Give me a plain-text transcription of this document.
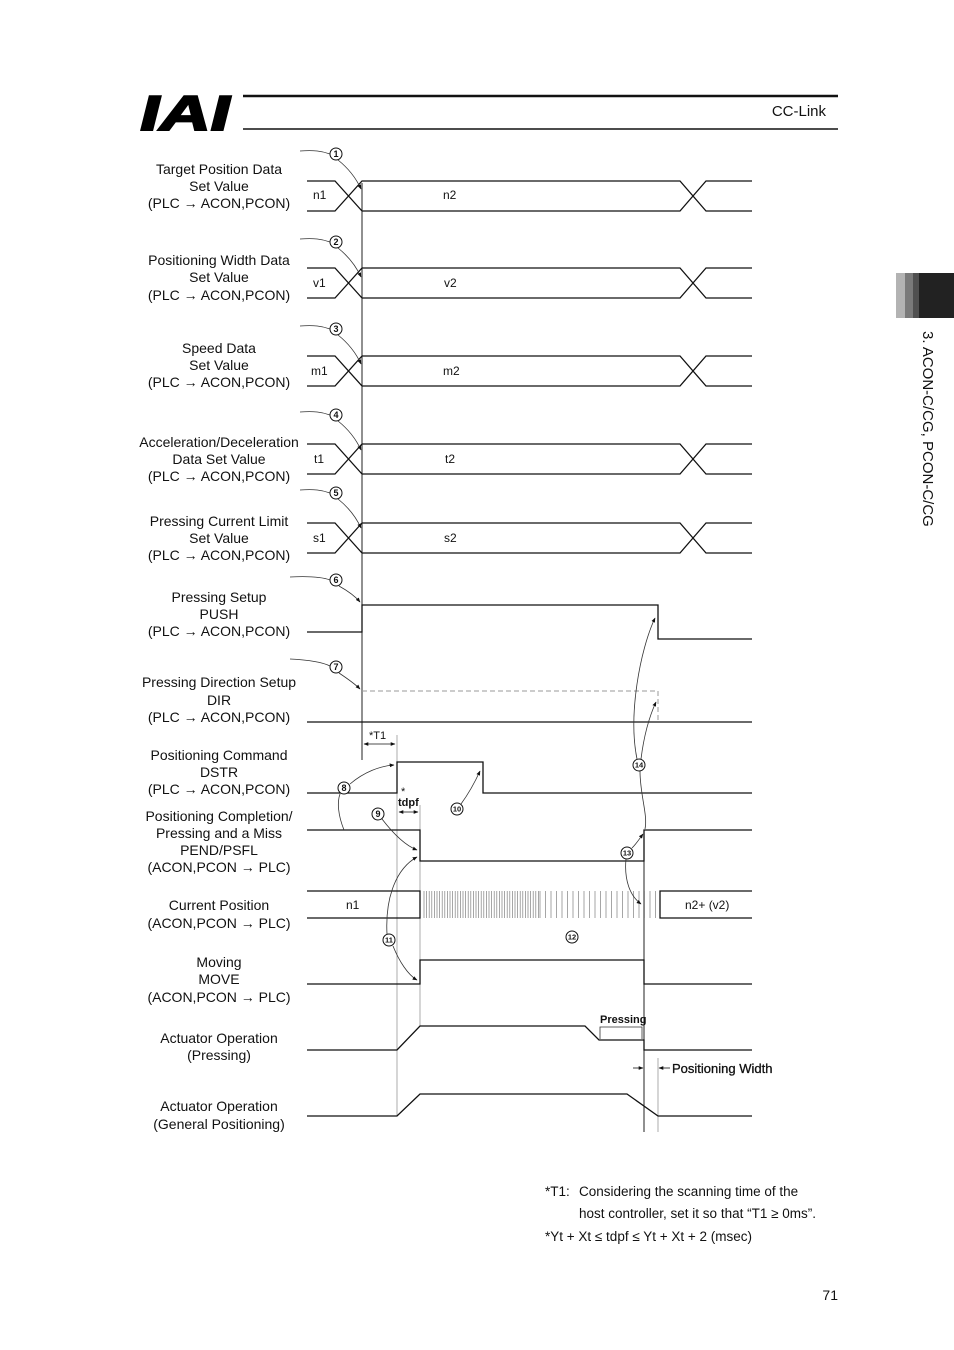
IAI	CC-Link
3. ACON-C/CG, PCON-C/CG
Target Position Data
Set Value
(PLC → ACON,PCON) n1	n2
Positioning Width Data
Set Value
(PLC → ACON,PCON)
v1	v2
Speed Data
Set Value
(PLC → ACON,PCON)
m1	m2
Acceleration/Deceleration
Data Set Value
(PLC → ACON,PCON)
t1	t2
Pressing Current Limit
Set Value
(PLC → ACON,PCON)
s1	s2
Pressing Setup
PUSH
(PLC → ACON,PCON)
Pressing Direction Setup
DIR
(PLC → ACON,PCON)
*T1
Positioning Command
DSTR
(PLC → ACON,PCON)	*
tdpf
Positioning Completion/
Pressing and a Miss
PEND/PSFL
(ACON,PCON → PLC)
Current Position
(ACON,PCON → PLC)
n1	n2+ (v2)
Moving
MOVE
(ACON,PCON → PLC)
Actuator Operation
(Pressing)
Pressing
Positioning Width
Actuator Operation
(General Positioning)
1
2
3
4
5
6
7
8
9	10
11	12
13
14
*T1: Considering the scanning time of the
host controller, set it so that “T1 ≥ 0ms”.
*Yt + Xt ≤ tdpf ≤ Yt + Xt + 2 (msec)
71
